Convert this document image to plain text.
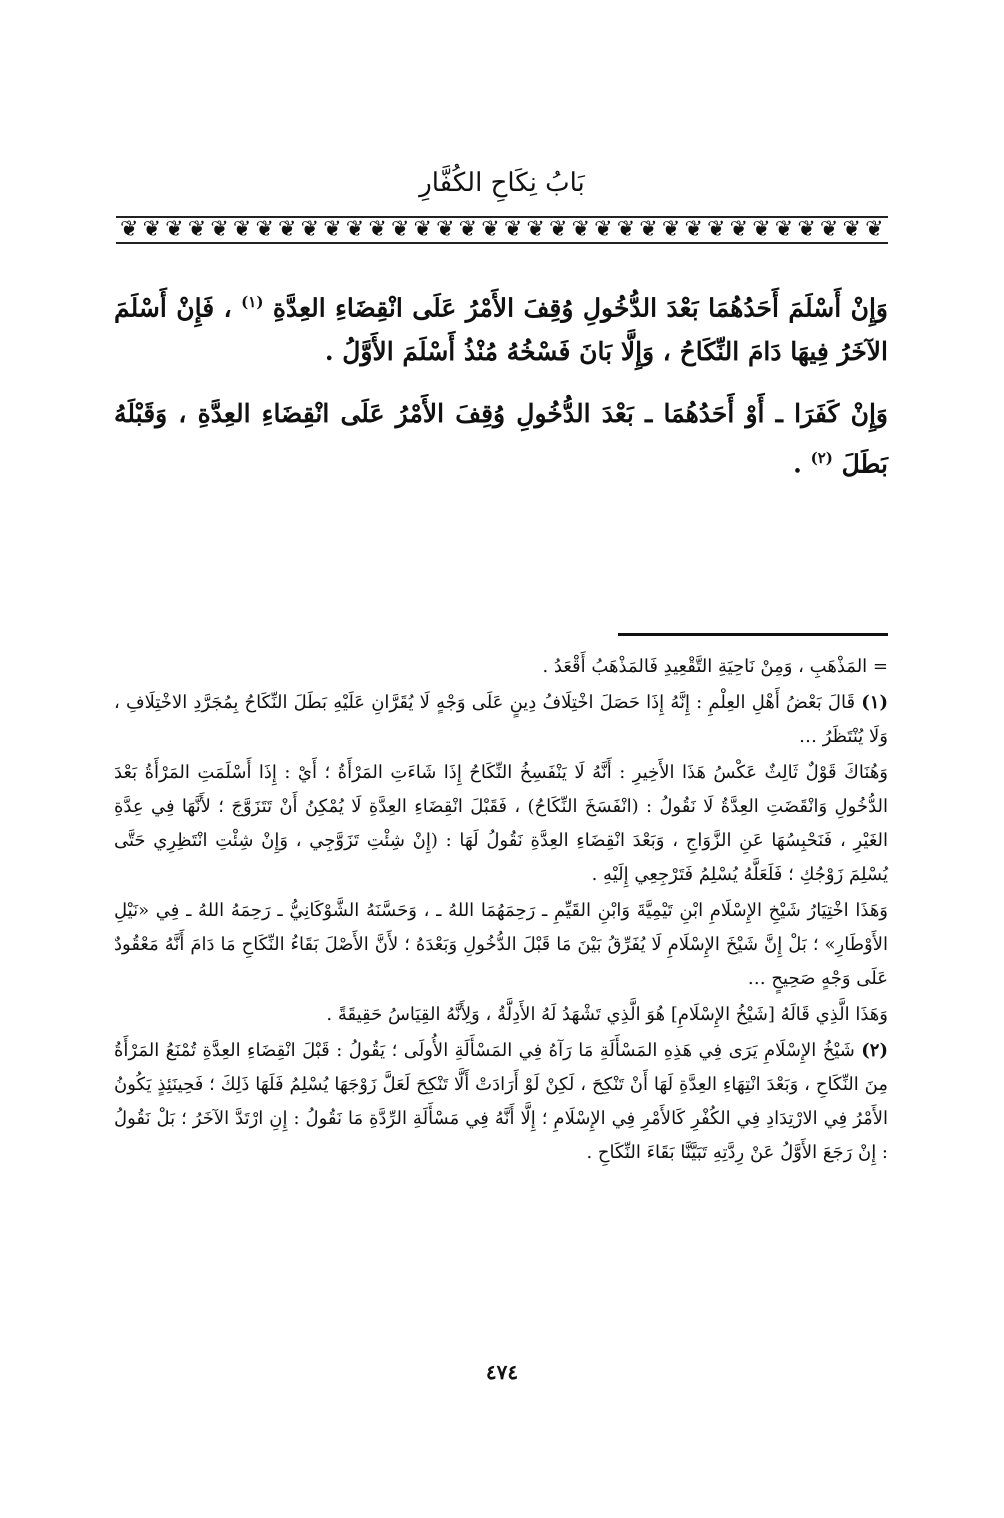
بَابُ نِكَاحِ الكُفَّارِ
❦ ❦ ❦ ❦ ❦ ❦ ❦ ❦ ❦ ❦ ❦ ❦ ❦ ❦ ❦ ❦ ❦ ❦ ❦ ❦ ❦ ❦ ❦ ❦ ❦ ❦ ❦ ❦ ❦ ❦ ❦ ❦ ❦ ❦

وَإِنْ أَسْلَمَ أَحَدُهُمَا بَعْدَ الدُّخُولِ وُقِفَ الأَمْرُ عَلَى انْقِضَاءِ العِدَّةِ $^{(١)}$ ، فَإِنْ أَسْلَمَ الآخَرُ فِيهَا دَامَ النِّكَاحُ ، وَإِلَّا بَانَ فَسْخُهُ مُنْذُ أَسْلَمَ الأَوَّلُ .

وَإِنْ كَفَرَا ـ أَوْ أَحَدُهُمَا ـ بَعْدَ الدُّخُولِ وُقِفَ الأَمْرُ عَلَى انْقِضَاءِ العِدَّةِ ، وَقَبْلَهُ بَطَلَ $^{(٢)}$ .

= المَذْهَبِ ، وَمِنْ نَاحِيَةِ التَّقْعِيدِ فَالمَذْهَبُ أَقْعَدُ .

(١) قَالَ بَعْضُ أَهْلِ العِلْمِ : إِنَّهُ إِذَا حَصَلَ اخْتِلَافُ دِينٍ عَلَى وَجْهٍ لَا يُقَرَّانِ عَلَيْهِ بَطَلَ النِّكَاحُ بِمُجَرَّدِ الاخْتِلَافِ ، وَلَا يُنْتَظَرُ …

وَهُنَاكَ قَوْلٌ ثَالِثٌ عَكْسُ هَذَا الأَخِيرِ : أَنَّهُ لَا يَنْفَسِخُ النِّكَاحُ إِذَا شَاءَتِ المَرْأَةُ ؛ أَيْ : إِذَا أَسْلَمَتِ المَرْأَةُ بَعْدَ الدُّخُولِ وَانْقَضَتِ العِدَّةُ لَا نَقُولُ : (انْفَسَخَ النِّكَاحُ) ، فَقَبْلَ انْقِضَاءِ العِدَّةِ لَا يُمْكِنُ أَنْ تَتَزَوَّجَ ؛ لأَنَّهَا فِي عِدَّةِ الغَيْرِ ، فَنَحْبِسُهَا عَنِ الزَّوَاجِ ، وَبَعْدَ انْقِضَاءِ العِدَّةِ نَقُولُ لَهَا : (إِنْ شِئْتِ تَزَوَّجِي ، وَإِنْ شِئْتِ انْتَظِرِي حَتَّى يُسْلِمَ زَوْجُكِ ؛ فَلَعَلَّهُ يُسْلِمُ فَتَرْجِعِي إِلَيْهِ .

وَهَذَا اخْتِيَارُ شَيْخِ الإِسْلَامِ ابْنِ تَيْمِيَّةَ وَابْنِ القَيِّمِ ـ رَحِمَهُمَا اللهُ ـ ، وَحَسَّنَهُ الشَّوْكَانِيُّ ـ رَحِمَهُ اللهُ ـ فِي «نَيْلِ الأَوْطَارِ» ؛ بَلْ إِنَّ شَيْخَ الإِسْلَامِ لَا يُفَرِّقُ بَيْنَ مَا قَبْلَ الدُّخُولِ وَبَعْدَهُ ؛ لأَنَّ الأَصْلَ بَقَاءُ النِّكَاحِ مَا دَامَ أَنَّهُ مَعْقُودٌ عَلَى وَجْهٍ صَحِيحٍ …

وَهَذَا الَّذِي قَالَهُ [شَيْخُ الإِسْلَامِ] هُوَ الَّذِي تَشْهَدُ لَهُ الأَدِلَّةُ ، وَلِأَنَّهُ القِيَاسُ حَقِيقَةً .

(٢) شَيْخُ الإِسْلَامِ يَرَى فِي هَذِهِ المَسْأَلَةِ مَا رَآهُ فِي المَسْأَلَةِ الأُولَى ؛ يَقُولُ : قَبْلَ انْقِضَاءِ العِدَّةِ تُمْنَعُ المَرْأَةُ مِنَ النِّكَاحِ ، وَبَعْدَ انْتِهَاءِ العِدَّةِ لَهَا أَنْ تَنْكِحَ ، لَكِنْ لَوْ أَرَادَتْ أَلَّا تَنْكِحَ لَعَلَّ زَوْجَهَا يُسْلِمُ فَلَهَا ذَلِكَ ؛ فَحِينَئِذٍ يَكُونُ الأَمْرُ فِي الارْتِدَادِ فِي الكُفْرِ كَالأَمْرِ فِي الإِسْلَامِ ؛ إِلَّا أَنَّهُ فِي مَسْأَلَةِ الرِّدَّةِ مَا نَقُولُ : إِنِ ارْتَدَّ الآخَرُ ؛ بَلْ نَقُولُ : إِنْ رَجَعَ الأَوَّلُ عَنْ رِدَّتِهِ تَبَيَّنَّا بَقَاءَ النِّكَاحِ .

٤٧٤
